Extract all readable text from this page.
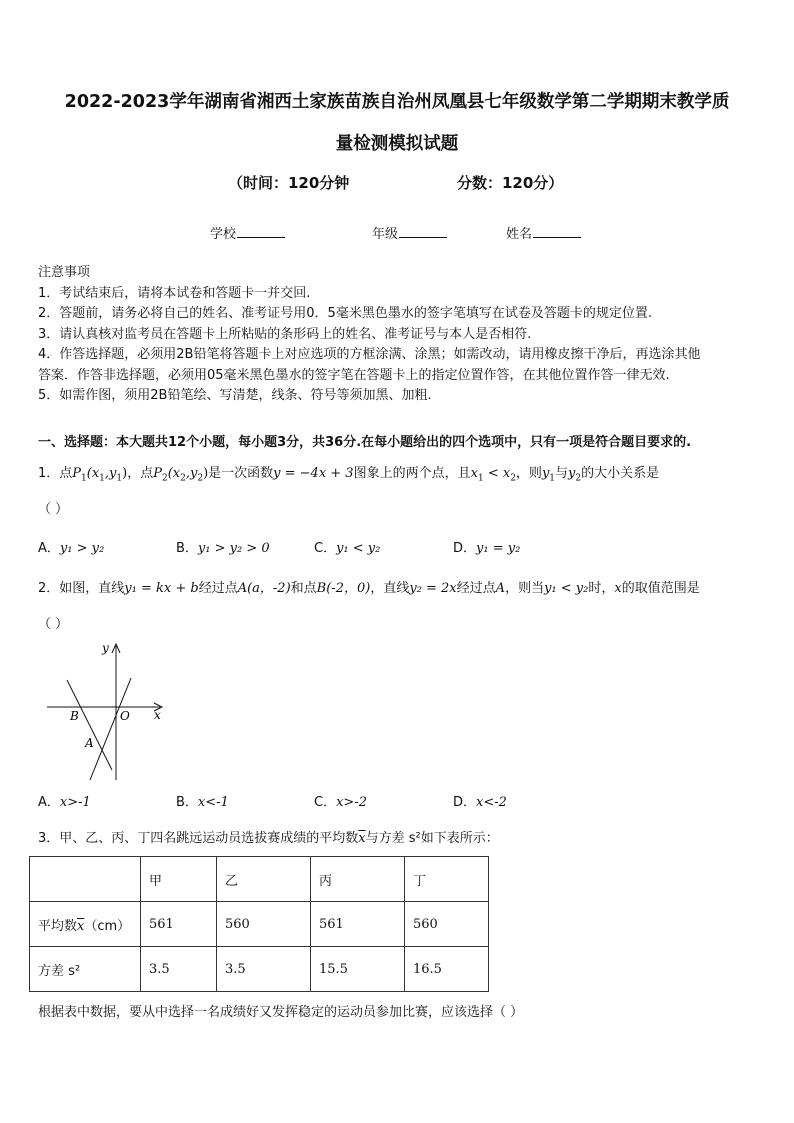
2022-2023学年湖南省湘西土家族苗族自治州凤凰县七年级数学第二学期期末教学质
量检测模拟试题
（时间：120分钟	分数：120分）
学校	年级	姓名
注意事项
1．考试结束后，请将本试卷和答题卡一并交回.
2．答题前，请务必将自己的姓名、准考证号用0．5毫米黑色墨水的签字笔填写在试卷及答题卡的规定位置.
3．请认真核对监考员在答题卡上所粘贴的条形码上的姓名、准考证号与本人是否相符.
4．作答选择题，必须用2B铅笔将答题卡上对应选项的方框涂满、涂黑；如需改动，请用橡皮擦干净后，再选涂其他
答案．作答非选择题，必须用05毫米黑色墨水的签字笔在答题卡上的指定位置作答，在其他位置作答一律无效.
5．如需作图，须用2B铅笔绘、写清楚，线条、符号等须加黑、加粗.
一、选择题：本大题共12个小题，每小题3分，共36分.在每小题给出的四个选项中，只有一项是符合题目要求的.
1．点$P_1(x_1,y_1)$，点$P_2(x_2,y_2)$是一次函数y = −4x + 3图象上的两个点，且$x_1 < x_2$，则$y_1$与$y_2$的大小关系是
（ ）
A．y₁ > y₂	B．y₁ > y₂ > 0	C．y₁ < y₂	D．y₁ = y₂
2．如图，直线y₁ = kx + b经过点A(a，-2)和点B(-2，0)，直线y₂ = 2x经过点A，则当y₁ < y₂时，x的取值范围是
（ ）
y
x
O
B
A
A．x>-1	B．x<-1	C．x>-2	D．x<-2
3．甲、乙、丙、丁四名跳远运动员选拔赛成绩的平均数$\overline{x}$与方差 s²如下表所示：
	甲	乙	丙	丁
平均数$\overline{x}(cm)$	561	560	561	560
方差 s²	3.5	3.5	15.5	16.5
根据表中数据，要从中选择一名成绩好又发挥稳定的运动员参加比赛，应该选择（ ）
